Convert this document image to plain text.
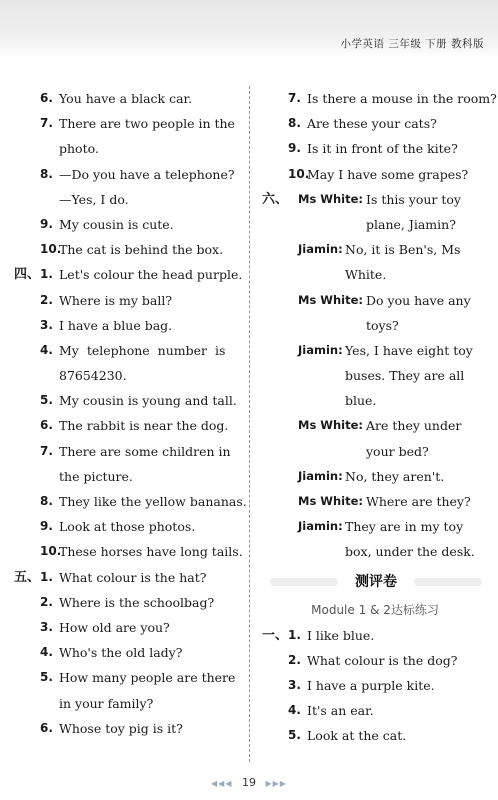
小学英语 三年级 下册 教科版
6. You have a black car.
7. There are two people in the
photo.
8. —Do you have a telephone?
—Yes, I do.
9. My cousin is cute.
10.
The cat is behind the box.
四、 1. Let's colour the head purple.
2. Where is my ball?
3. I have a blue bag.
4. My telephone number is
87654230.
5. My cousin is young and tall.
6. The rabbit is near the dog.
7. There are some children in
the picture.
8. They like the yellow bananas.
9. Look at those photos.
10.
These horses have long tails.
五、 1. What colour is the hat?
2. Where is the schoolbag?
3. How old are you?
4. Who's the old lady?
5. How many people are there
in your family?
6. Whose toy pig is it?
7. Is there a mouse in the room?
8. Are these your cats?
9. Is it in front of the kite?
10.
May I have some grapes?
六、 Ms White: Is this your toy
plane, Jiamin?
Jiamin: No, it is Ben's, Ms
White.
Ms White: Do you have any
toys?
Jiamin: Yes, I have eight toy
buses. They are all
blue.
Ms White: Are they under
your bed?
Jiamin: No, they aren't.
Ms White: Where are they?
Jiamin: They are in my toy
box, under the desk.
测评卷
Module 1 & 2达标练习
一、 1. I like blue.
2. What colour is the dog?
3. I have a purple kite.
4. It's an ear.
5. Look at the cat.
◀◀◀ 19 ▶▶▶
